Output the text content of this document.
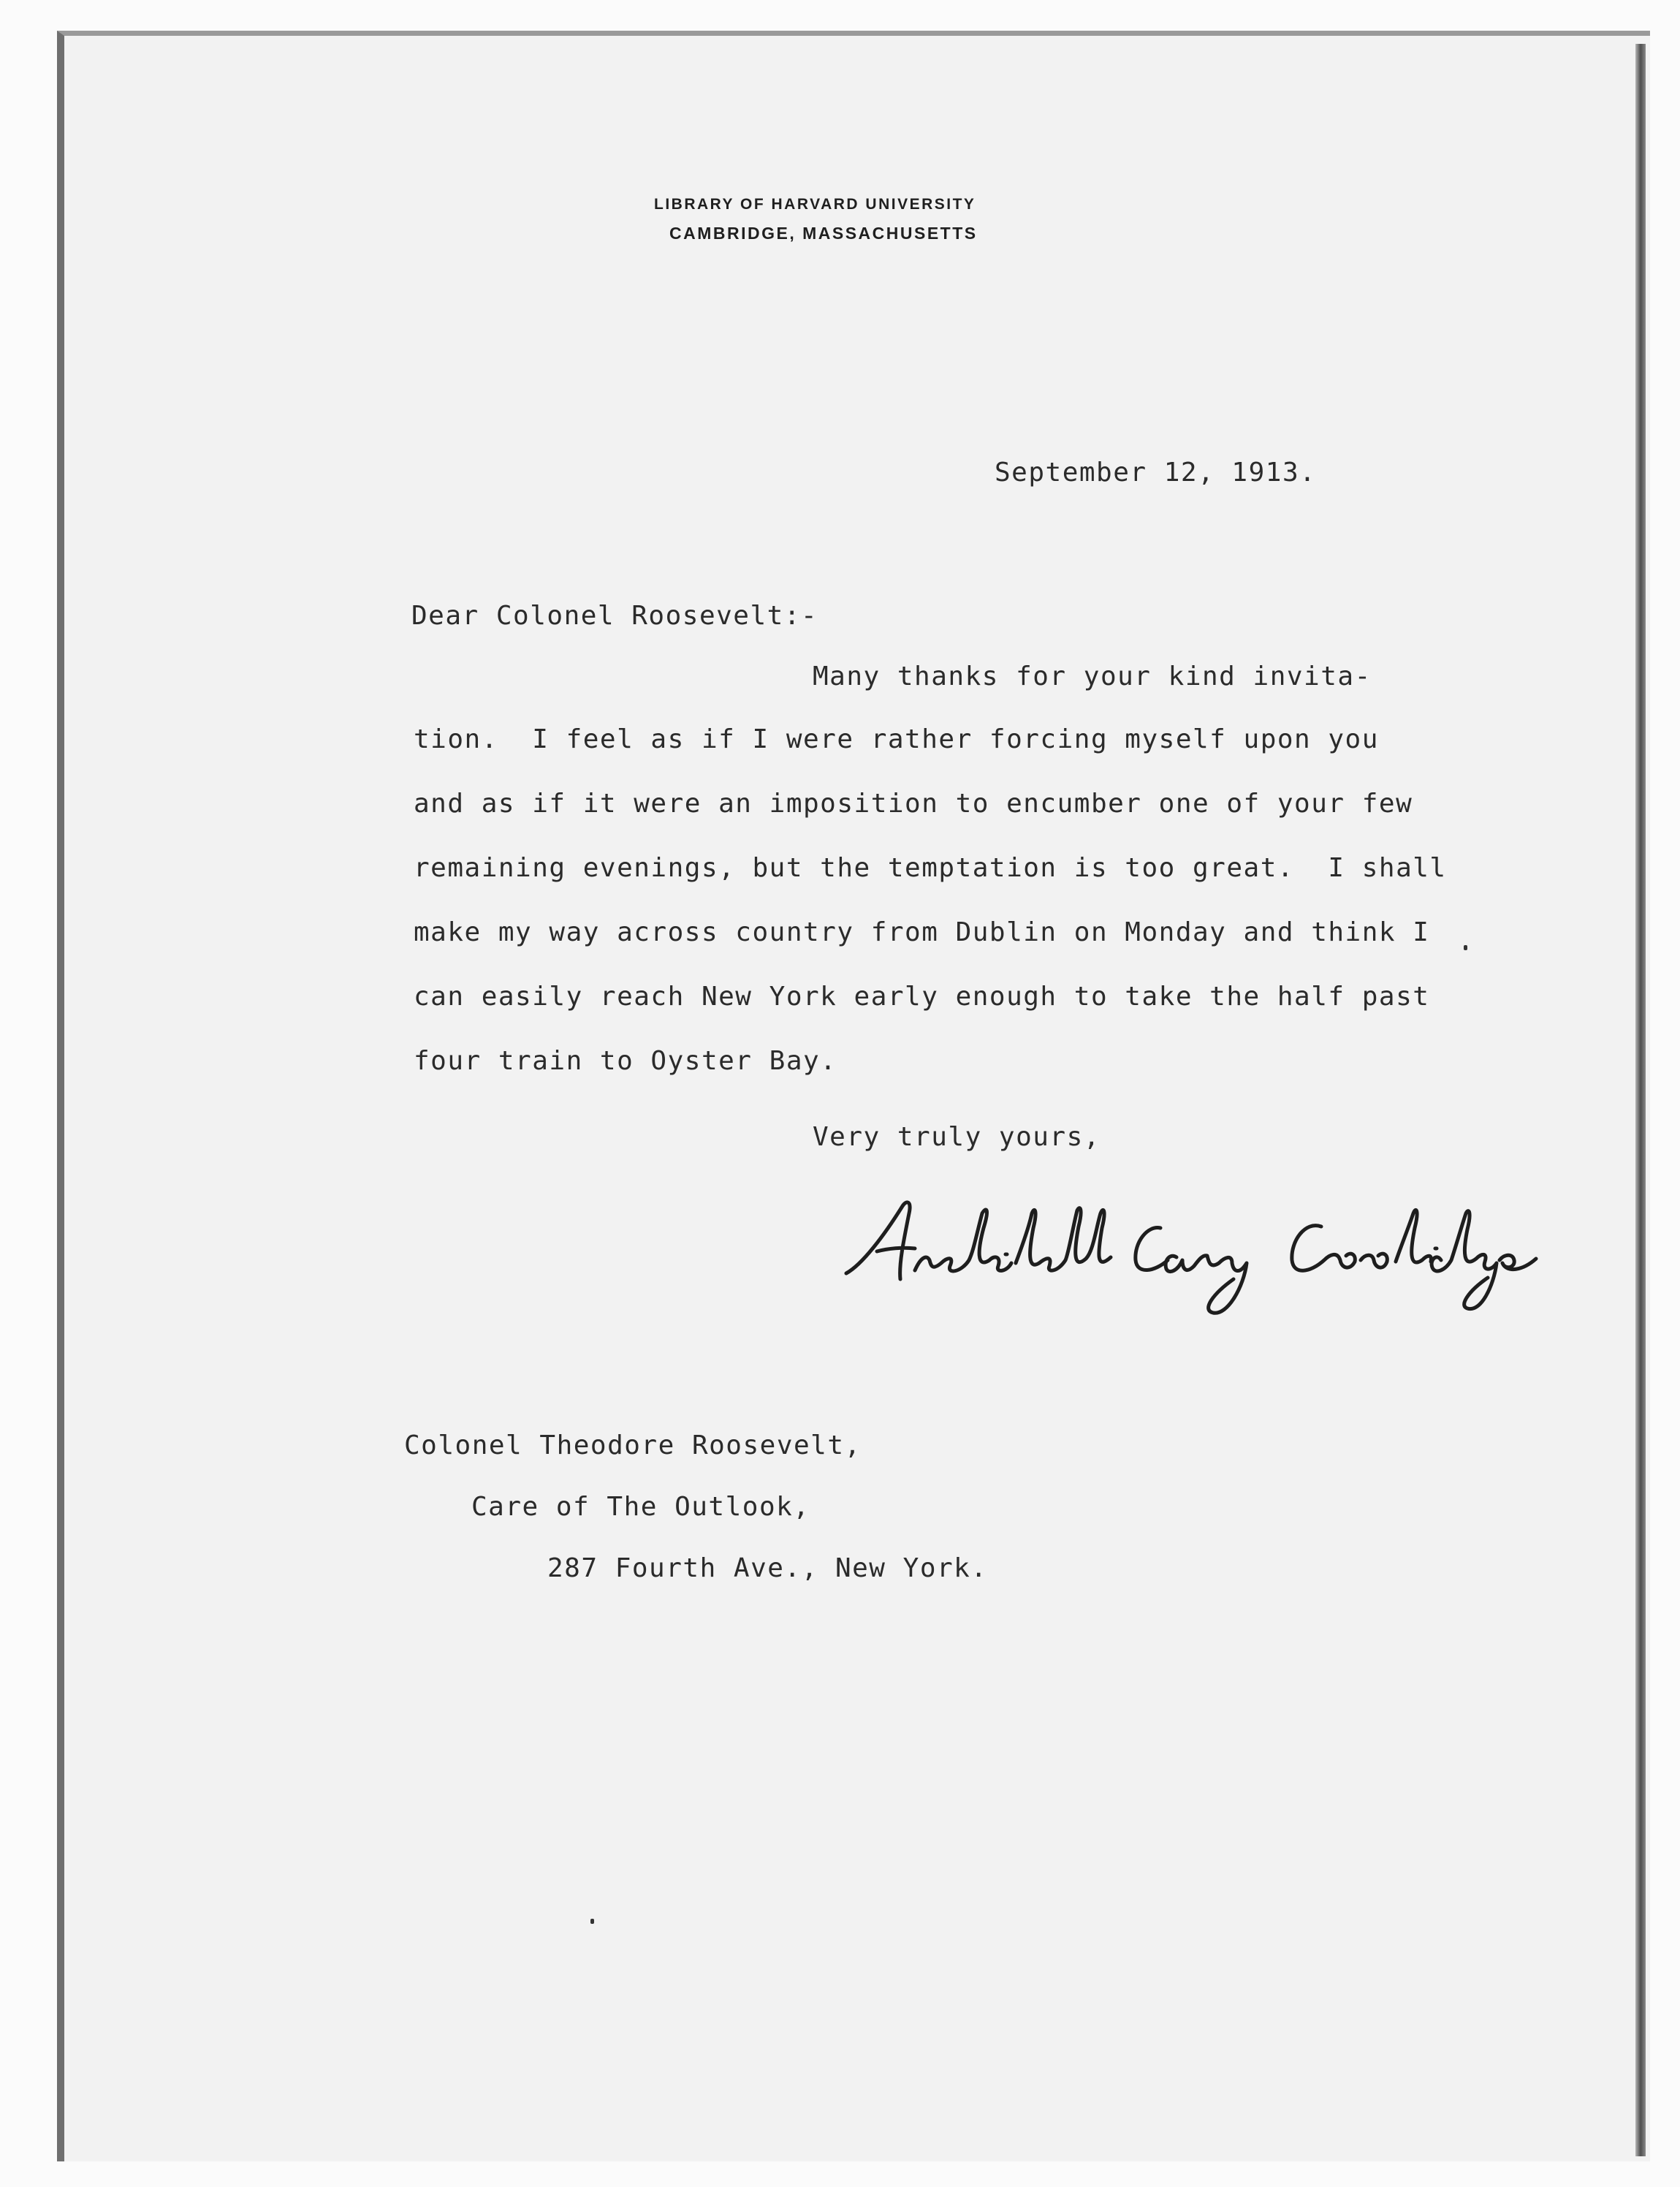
LIBRARY OF HARVARD UNIVERSITY
CAMBRIDGE, MASSACHUSETTS
September 12, 1913.
Dear Colonel Roosevelt:-
Many thanks for your kind invita-
tion.  I feel as if I were rather forcing myself upon you
and as if it were an imposition to encumber one of your few
remaining evenings, but the temptation is too great.  I shall
make my way across country from Dublin on Monday and think I
can easily reach New York early enough to take the half past
four train to Oyster Bay.
Very truly yours,
Colonel Theodore Roosevelt,
Care of The Outlook,
287 Fourth Ave., New York.
